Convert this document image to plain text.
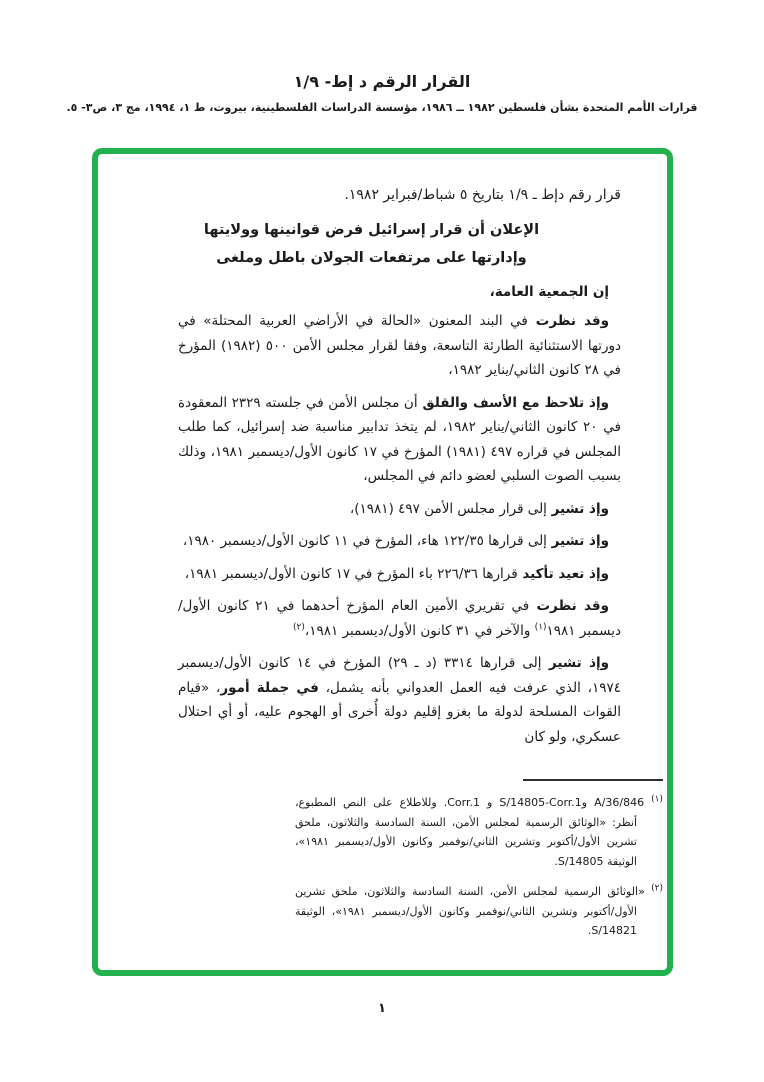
القرار الرقم د إط- ١/٩
قرارات الأمم المتحدة بشأن فلسطين ١٩٨٢ ــ ١٩٨٦، مؤسسة الدراسات الفلسطينية، بيروت، ط ١، ١٩٩٤، مج ٣، ص٣- ٥.
قرار رقم دإط ـ ١/٩ بتاريخ ٥ شباط/فبراير ١٩٨٢.
الإعلان أن قرار إسرائيل فرض قوانينها وولايتها
وإدارتها على مرتفعات الجولان باطل وملغى
إن الجمعية العامة،

وقد نظرت في البند المعنون «الحالة في الأراضي العربية المحتلة» في دورتها الاستثنائية الطارئة التاسعة، وفقا لقرار مجلس الأمن ٥٠٠ (١٩٨٢) المؤرخ في ٢٨ كانون الثاني/يناير ١٩٨٢،

وإذ تلاحظ مع الأسف والقلق أن مجلس الأمن في جلسته ٢٣٢٩ المعقودة في ٢٠ كانون الثاني/يناير ١٩٨٢، لم يتخذ تدابير مناسبة ضد إسرائيل، كما طلب المجلس في قراره ٤٩٧ (١٩٨١) المؤرخ في ١٧ كانون الأول/ديسمبر ١٩٨١، وذلك بسبب الصوت السلبي لعضو دائم في المجلس،

وإذ تشير إلى قرار مجلس الأمن ٤٩٧ (١٩٨١)،

وإذ تشير إلى قرارها ١٢٢/٣٥ هاء، المؤرخ في ١١ كانون الأول/ديسمبر ١٩٨٠،

وإذ تعيد تأكيد قرارها ٢٢٦/٣٦ باء المؤرخ في ١٧ كانون الأول/ديسمبر ١٩٨١،

وقد نظرت في تقريري الأمين العام المؤرخ أحدهما في ٢١ كانون الأول/ديسمبر ١٩٨١$^{(١)}$ والآخر في ٣١ كانون الأول/ديسمبر ١٩٨١،$^{(٢)}$

وإذ تشير إلى قرارها ٣٣١٤ (د ـ ٢٩) المؤرخ في ١٤ كانون الأول/ديسمبر ١٩٧٤، الذي عرفت فيه العمل العدواني بأنه يشمل، في جملة أمور، «قيام القوات المسلحة لدولة ما بغزو إقليم دولة أُخرى أو الهجوم عليه، أو أي احتلال عسكري، ولو كان

$^{(١)}$ A/36/846 وS/14805-Corr.1 و Corr.1. وللاطلاع على النص المطبوع، أنظر: «الوثائق الرسمية لمجلس الأمن، السنة السادسة والثلاثون، ملحق تشرين الأول/أكتوبر وتشرين الثاني/نوفمبر وكانون الأول/ديسمبر ١٩٨١»، الوثيقة S/14805.

$^{(٢)}$ «الوثائق الرسمية لمجلس الأمن، السنة السادسة والثلاثون، ملحق تشرين الأول/أكتوبر وتشرين الثاني/نوفمبر وكانون الأول/ديسمبر ١٩٨١»، الوثيقة S/14821.

١
